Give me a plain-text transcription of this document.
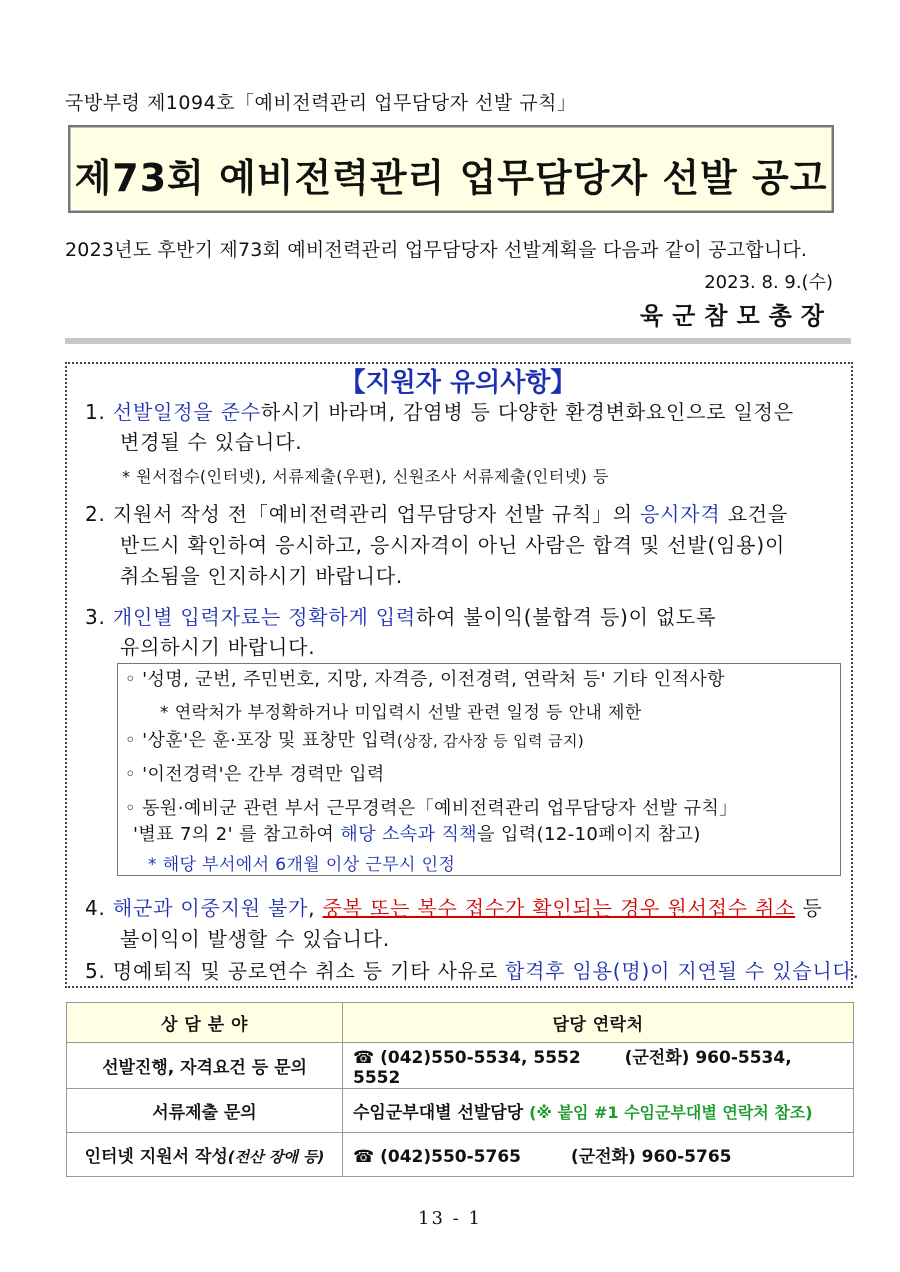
국방부령 제1094호「예비전력관리 업무담당자 선발 규칙」
제73회 예비전력관리 업무담당자 선발 공고
2023년도 후반기 제73회 예비전력관리 업무담당자 선발계획을 다음과 같이 공고합니다.
2023. 8. 9.(수)
육군참모총장
【지원자 유의사항】
1. 선발일정을 준수하시기 바라며, 감염병 등 다양한 환경변화요인으로 일정은
변경될 수 있습니다.
* 원서접수(인터넷), 서류제출(우편), 신원조사 서류제출(인터넷) 등
2. 지원서 작성 전「예비전력관리 업무담당자 선발 규칙」의 응시자격 요건을
반드시 확인하여 응시하고, 응시자격이 아닌 사람은 합격 및 선발(임용)이
취소됨을 인지하시기 바랍니다.
3. 개인별 입력자료는 정확하게 입력하여 불이익(불합격 등)이 없도록
유의하시기 바랍니다.
◦ '성명, 군번, 주민번호, 지망, 자격증, 이전경력, 연락처 등' 기타 인적사항
* 연락처가 부정확하거나 미입력시 선발 관련 일정 등 안내 제한
◦ '상훈'은 훈·포장 및 표창만 입력(상장, 감사장 등 입력 금지)
◦ '이전경력'은 간부 경력만 입력
◦ 동원·예비군 관련 부서 근무경력은「예비전력관리 업무담당자 선발 규칙」
'별표 7의 2' 를 참고하여 해당 소속과 직책을 입력(12-10페이지 참고)
* 해당 부서에서 6개월 이상 근무시 인정
4. 해군과 이중지원 불가, 중복 또는 복수 접수가 확인되는 경우 원서접수 취소 등
불이익이 발생할 수 있습니다.
5. 명예퇴직 및 공로연수 취소 등 기타 사유로 합격후 임용(명)이 지연될 수 있습니다.
상 담 분 야	담당 연락처
선발진행, 자격요건 등 문의	☎ (042)550-5534, 5552 (군전화) 960-5534, 5552
서류제출 문의	수임군부대별 선발담당 (※ 붙임 #1 수임군부대별 연락처 참조)
인터넷 지원서 작성(전산 장애 등)	☎ (042)550-5765 (군전화) 960-5765
13 - 1
